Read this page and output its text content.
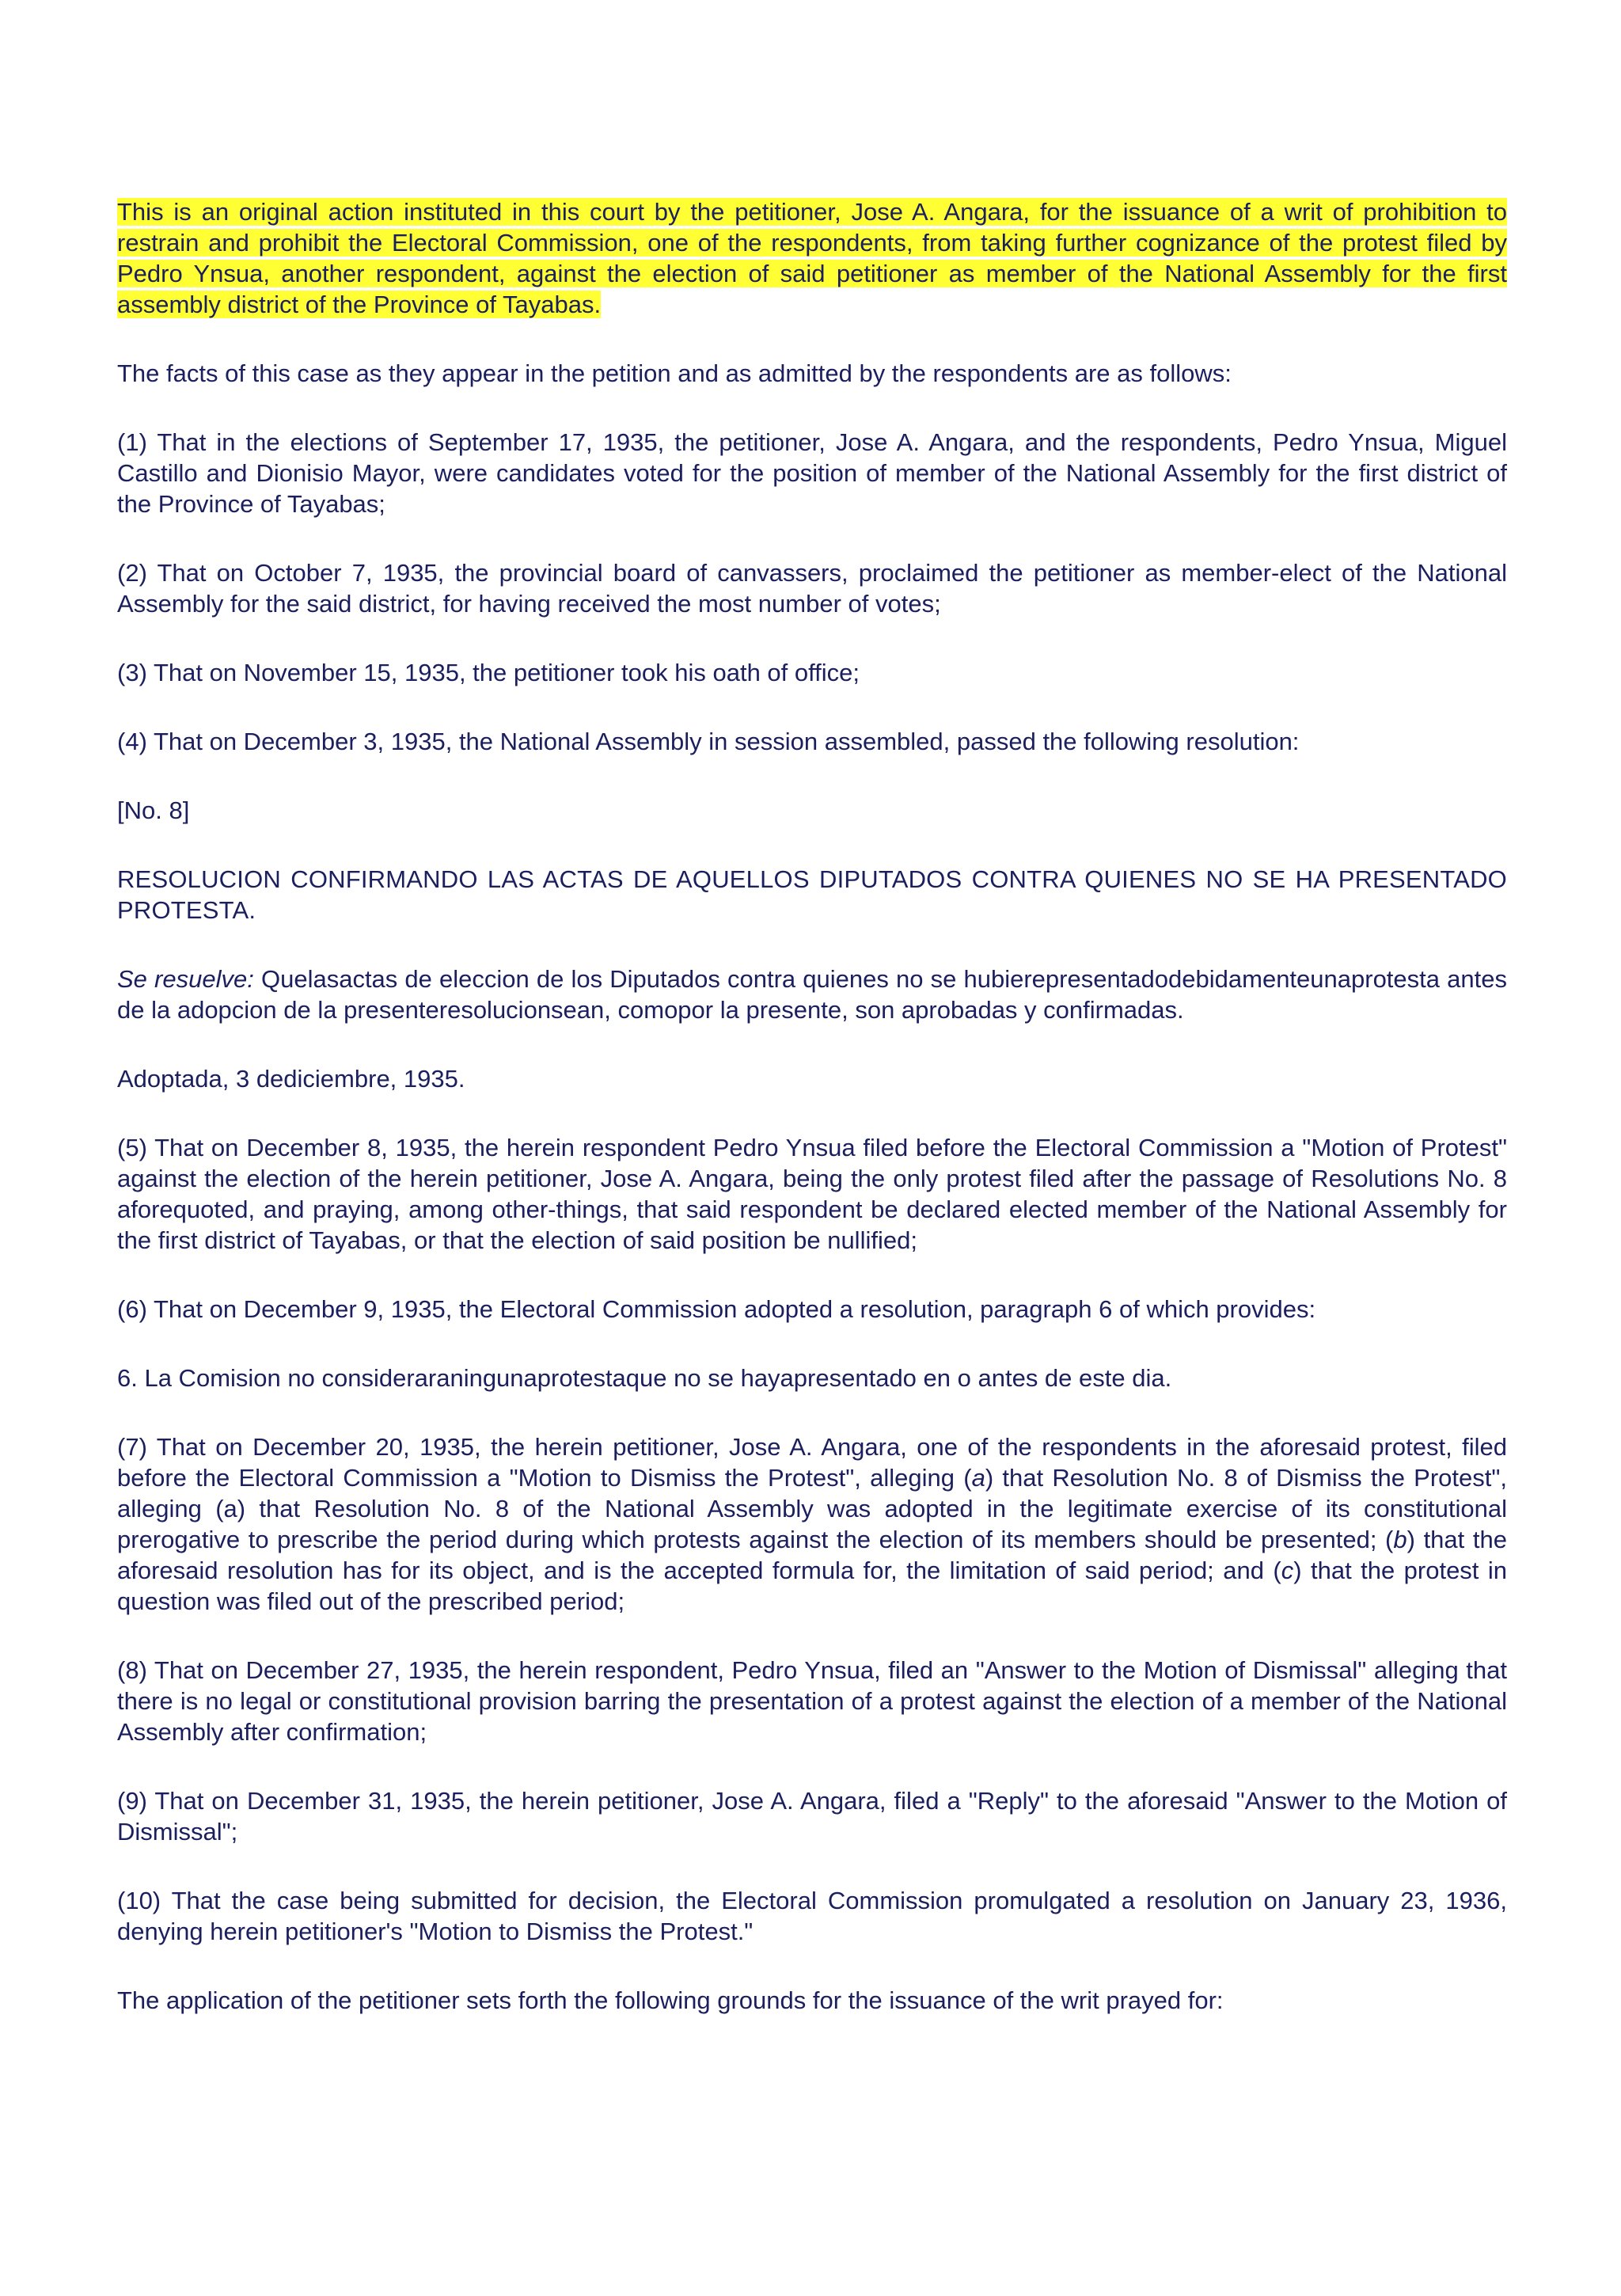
This is an original action instituted in this court by the petitioner, Jose A. Angara, for the issuance of a writ of prohibition to restrain and prohibit the Electoral Commission, one of the respondents, from taking further cognizance of the protest filed by Pedro Ynsua, another respondent, against the election of said petitioner as member of the National Assembly for the first assembly district of the Province of Tayabas.

The facts of this case as they appear in the petition and as admitted by the respondents are as follows:

(1) That in the elections of September 17, 1935, the petitioner, Jose A. Angara, and the respondents, Pedro Ynsua, Miguel Castillo and Dionisio Mayor, were candidates voted for the position of member of the National Assembly for the first district of the Province of Tayabas;

(2) That on October 7, 1935, the provincial board of canvassers, proclaimed the petitioner as member-elect of the National Assembly for the said district, for having received the most number of votes;

(3) That on November 15, 1935, the petitioner took his oath of office;

(4) That on December 3, 1935, the National Assembly in session assembled, passed the following resolution:

[No. 8]

RESOLUCION CONFIRMANDO LAS ACTAS DE AQUELLOS DIPUTADOS CONTRA QUIENES NO SE HA PRESENTADO PROTESTA.

Se resuelve: Quelasactas de eleccion de los Diputados contra quienes no se hubierepresentadodebidamenteunaprotesta antes de la adopcion de la presenteresolucionsean, comopor la presente, son aprobadas y confirmadas.

Adoptada, 3 dediciembre, 1935.

(5) That on December 8, 1935, the herein respondent Pedro Ynsua filed before the Electoral Commission a "Motion of Protest" against the election of the herein petitioner, Jose A. Angara, being the only protest filed after the passage of Resolutions No. 8 aforequoted, and praying, among other-things, that said respondent be declared elected member of the National Assembly for the first district of Tayabas, or that the election of said position be nullified;

(6) That on December 9, 1935, the Electoral Commission adopted a resolution, paragraph 6 of which provides:

6. La Comision no consideraraningunaprotestaque no se hayapresentado en o antes de este dia.

(7) That on December 20, 1935, the herein petitioner, Jose A. Angara, one of the respondents in the aforesaid protest, filed before the Electoral Commission a "Motion to Dismiss the Protest", alleging (a) that Resolution No. 8 of Dismiss the Protest", alleging (a) that Resolution No. 8 of the National Assembly was adopted in the legitimate exercise of its constitutional prerogative to prescribe the period during which protests against the election of its members should be presented; (b) that the aforesaid resolution has for its object, and is the accepted formula for, the limitation of said period; and (c) that the protest in question was filed out of the prescribed period;

(8) That on December 27, 1935, the herein respondent, Pedro Ynsua, filed an "Answer to the Motion of Dismissal" alleging that there is no legal or constitutional provision barring the presentation of a protest against the election of a member of the National Assembly after confirmation;

(9) That on December 31, 1935, the herein petitioner, Jose A. Angara, filed a "Reply" to the aforesaid "Answer to the Motion of Dismissal";

(10) That the case being submitted for decision, the Electoral Commission promulgated a resolution on January 23, 1936, denying herein petitioner's "Motion to Dismiss the Protest."

The application of the petitioner sets forth the following grounds for the issuance of the writ prayed for:
